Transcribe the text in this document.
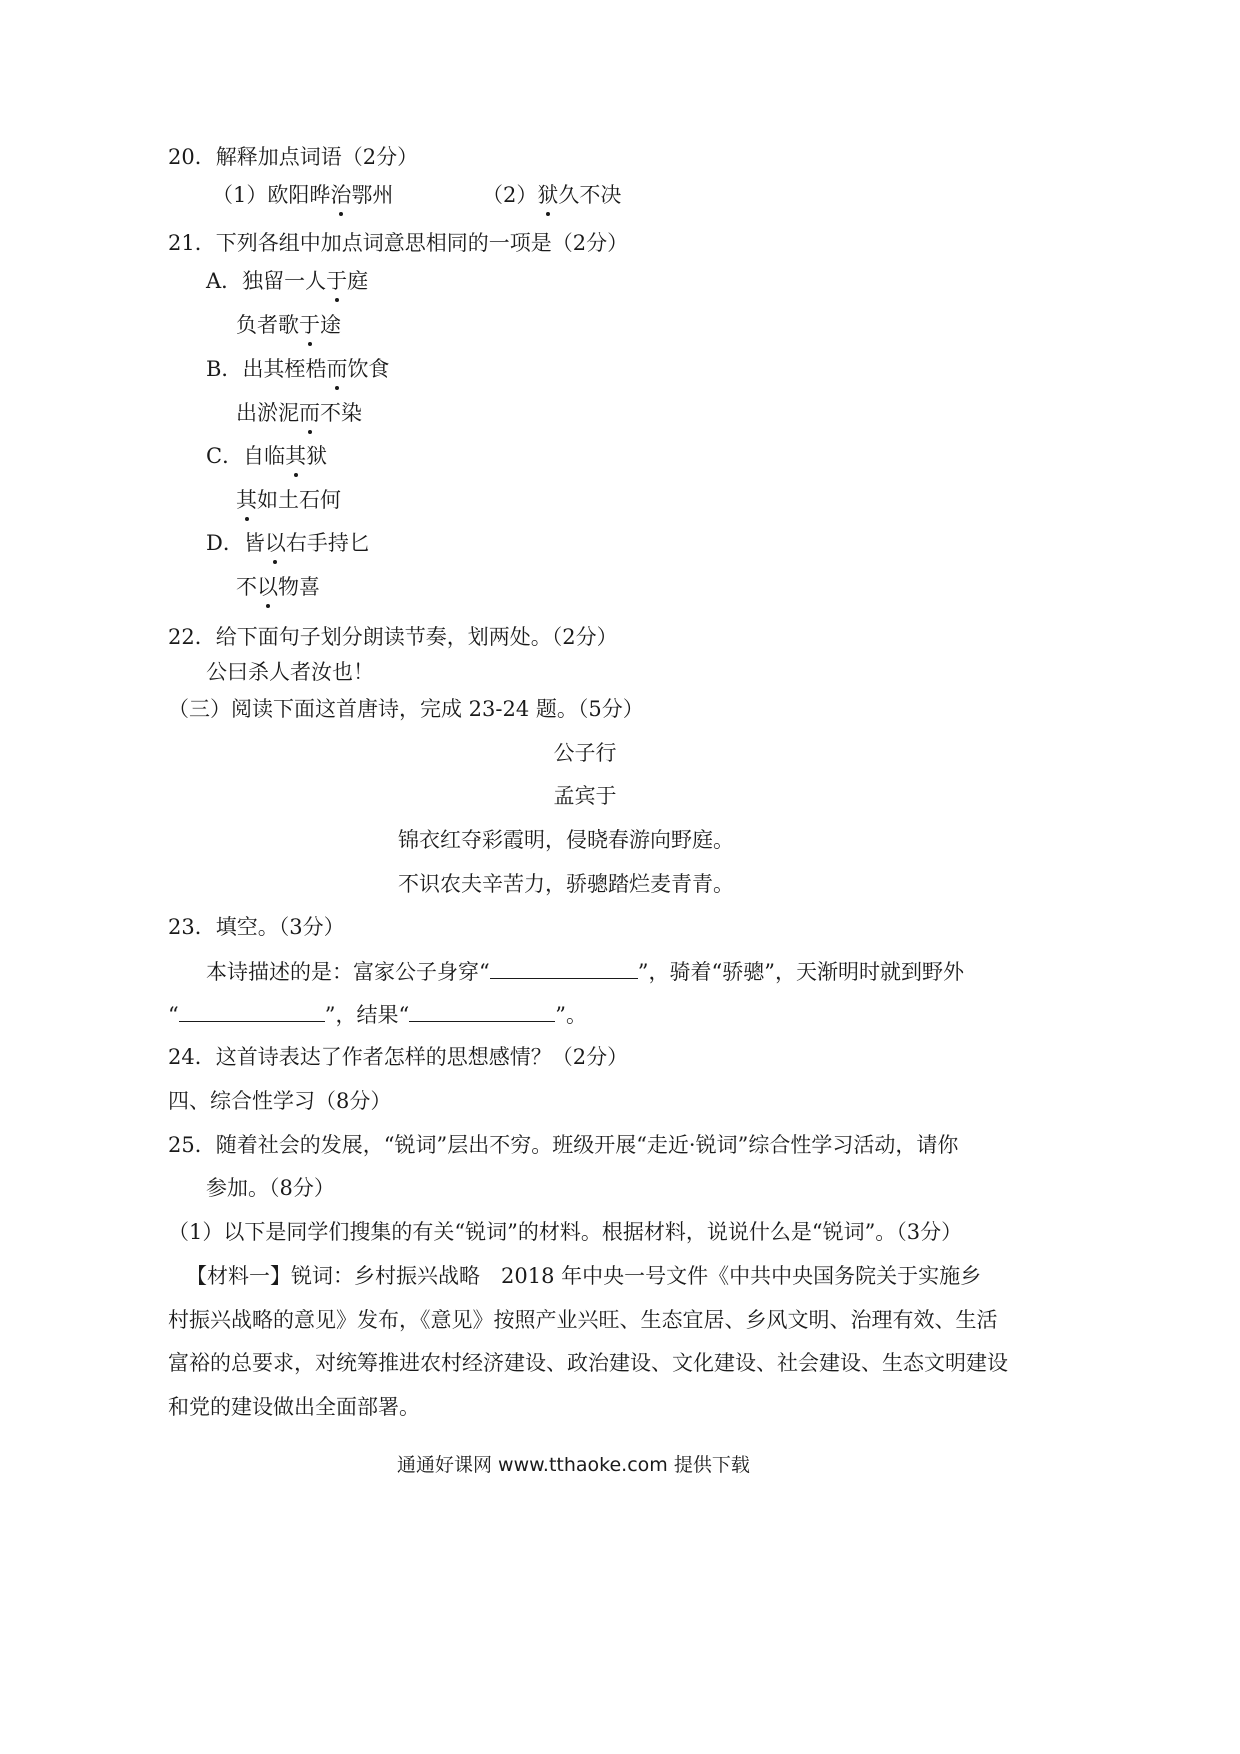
20．解释加点词语（2分）
（1）欧阳晔治鄂州	（2）狱久不决
21．下列各组中加点词意思相同的一项是（2分）
A．独留一人于庭
负者歌于途
B．出其桎梏而饮食
出淤泥而不染
C．自临其狱
其如土石何
D．皆以右手持匕
不以物喜
22．给下面句子划分朗读节奏，划两处。（2分）
公曰杀人者汝也！
（三）阅读下面这首唐诗，完成 23-24 题。（5分）
公子行
孟宾于
锦衣红夺彩霞明，侵晓春游向野庭。
不识农夫辛苦力，骄骢踏烂麦青青。
23．填空。（3分）
本诗描述的是：富家公子身穿“	”，骑着“骄骢”，天渐明时就到野外
“	”，结果“	”。
24．这首诗表达了作者怎样的思想感情？（2分）
四、综合性学习（8分）
25．随着社会的发展，“锐词”层出不穷。班级开展“走近·锐词”综合性学习活动，请你
参加。（8分）
（1）以下是同学们搜集的有关“锐词”的材料。根据材料，说说什么是“锐词”。（3分）
【材料一】锐词：乡村振兴战略　2018 年中央一号文件《中共中央国务院关于实施乡
村振兴战略的意见》发布，《意见》按照产业兴旺、生态宜居、乡风文明、治理有效、生活
富裕的总要求，对统筹推进农村经济建设、政治建设、文化建设、社会建设、生态文明建设
和党的建设做出全面部署。
通通好课网 www.tthaoke.com 提供下载
